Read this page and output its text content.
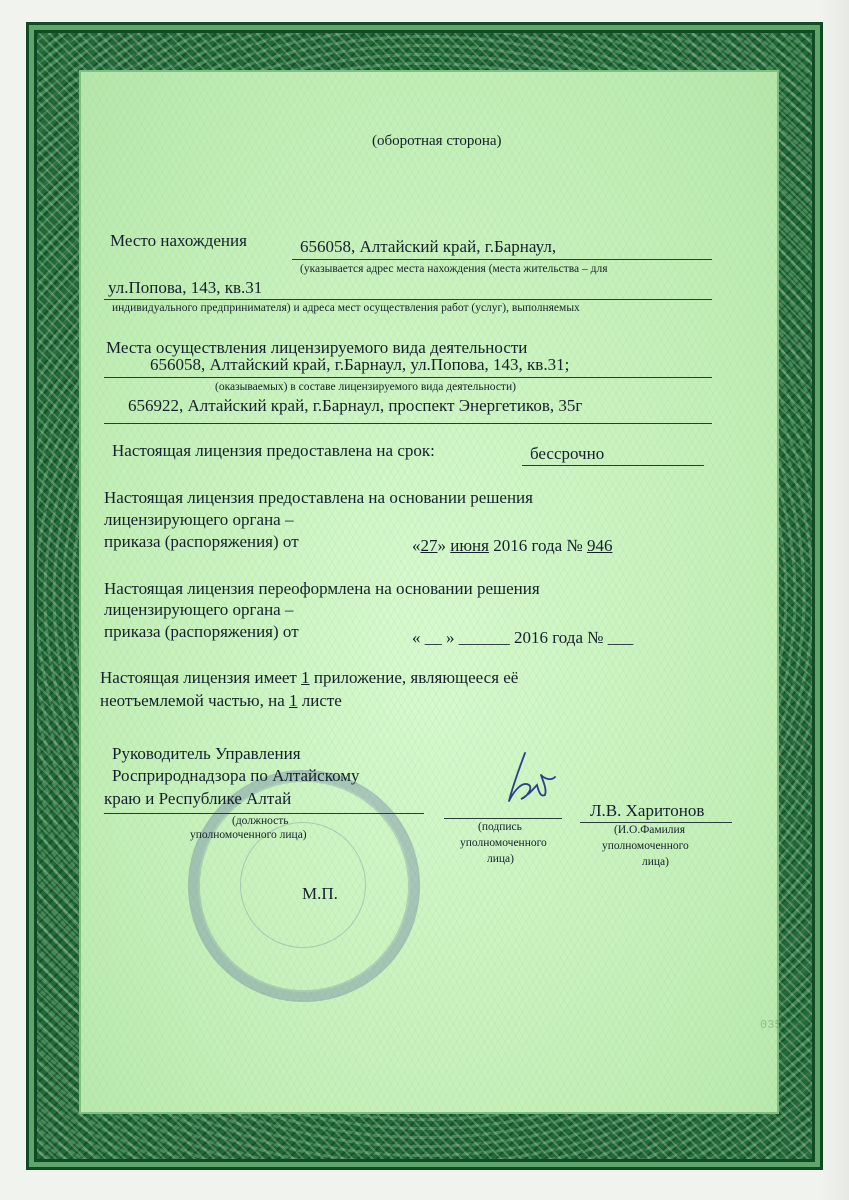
(оборотная сторона)
Место нахождения	656058, Алтайский край, г.Барнаул,
(указывается адрес места нахождения (места жительства – для
ул.Попова, 143, кв.31
индивидуального предпринимателя) и адреса мест осуществления работ (услуг), выполняемых
Места осуществления лицензируемого вида деятельности
656058, Алтайский край, г.Барнаул, ул.Попова, 143, кв.31;
(оказываемых) в составе лицензируемого вида деятельности)
656922, Алтайский край, г.Барнаул, проспект Энергетиков, 35г
Настоящая лицензия предоставлена на срок:	бессрочно
Настоящая лицензия предоставлена на основании решения
лицензирующего органа –
приказа (распоряжения) от	«27» июня 2016 года № 946
Настоящая лицензия переоформлена на основании решения
лицензирующего органа –
приказа (распоряжения) от	« __ » ______ 2016 года № ___
Настоящая лицензия имеет 1 приложение, являющееся её
неотъемлемой частью, на 1 листе
Руководитель Управления
Росприроднадзора по Алтайскому
краю и Республике Алтай
(должность
уполномоченного лица)
(подпись
уполномоченного
лица)
Л.В. Харитонов
(И.О.Фамилия
уполномоченного
лица)
М.П.
0355092
